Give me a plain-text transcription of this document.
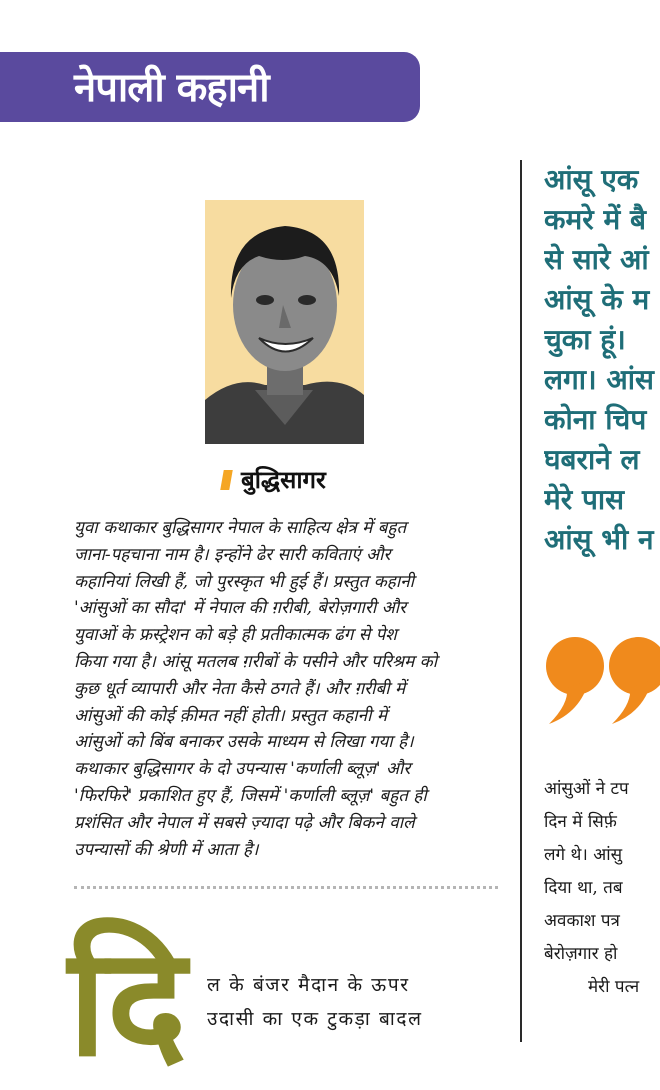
नेपाली कहानी
बुद्धिसागर
युवा कथाकार बुद्धिसागर नेपाल के साहित्य क्षेत्र में बहुत
जाना-पहचाना नाम है। इन्होंने ढेर सारी कविताएं और
कहानियां लिखी हैं, जो पुरस्कृत भी हुई हैं। प्रस्तुत कहानी
'आंसुओं का सौदा' में नेपाल की ग़रीबी, बेरोज़गारी और
युवाओं के फ्रस्ट्रेशन को बड़े ही प्रतीकात्मक ढंग से पेश
किया गया है। आंसू मतलब ग़रीबों के पसीने और परिश्रम को
कुछ धूर्त व्यापारी और नेता कैसे ठगते हैं। और ग़रीबी में
आंसुओं की कोई क़ीमत नहीं होती। प्रस्तुत कहानी में
आंसुओं को बिंब बनाकर उसके माध्यम से लिखा गया है।
कथाकार बुद्धिसागर के दो उपन्यास 'कर्णाली ब्लूज़' और
'फिरफिरे' प्रकाशित हुए हैं, जिसमें 'कर्णाली ब्लूज़' बहुत ही
प्रशंसित और नेपाल में सबसे ज़्यादा पढ़े और बिकने वाले
उपन्यासों की श्रेणी में आता है।
दि ल के बंजर मैदान के ऊपर
उदासी का एक टुकड़ा बादल
आंसू एक
कमरे में बै
से सारे आं
आंसू के म
चुका हूं।
लगा। आंस
कोना चिप
घबराने ल
मेरे पास
आंसू भी न
आंसुओं ने टप
दिन में सिर्फ़
लगे थे। आंसु
दिया था, तब
अवकाश पत्र
बेरोज़गार हो
मेरी पत्न
